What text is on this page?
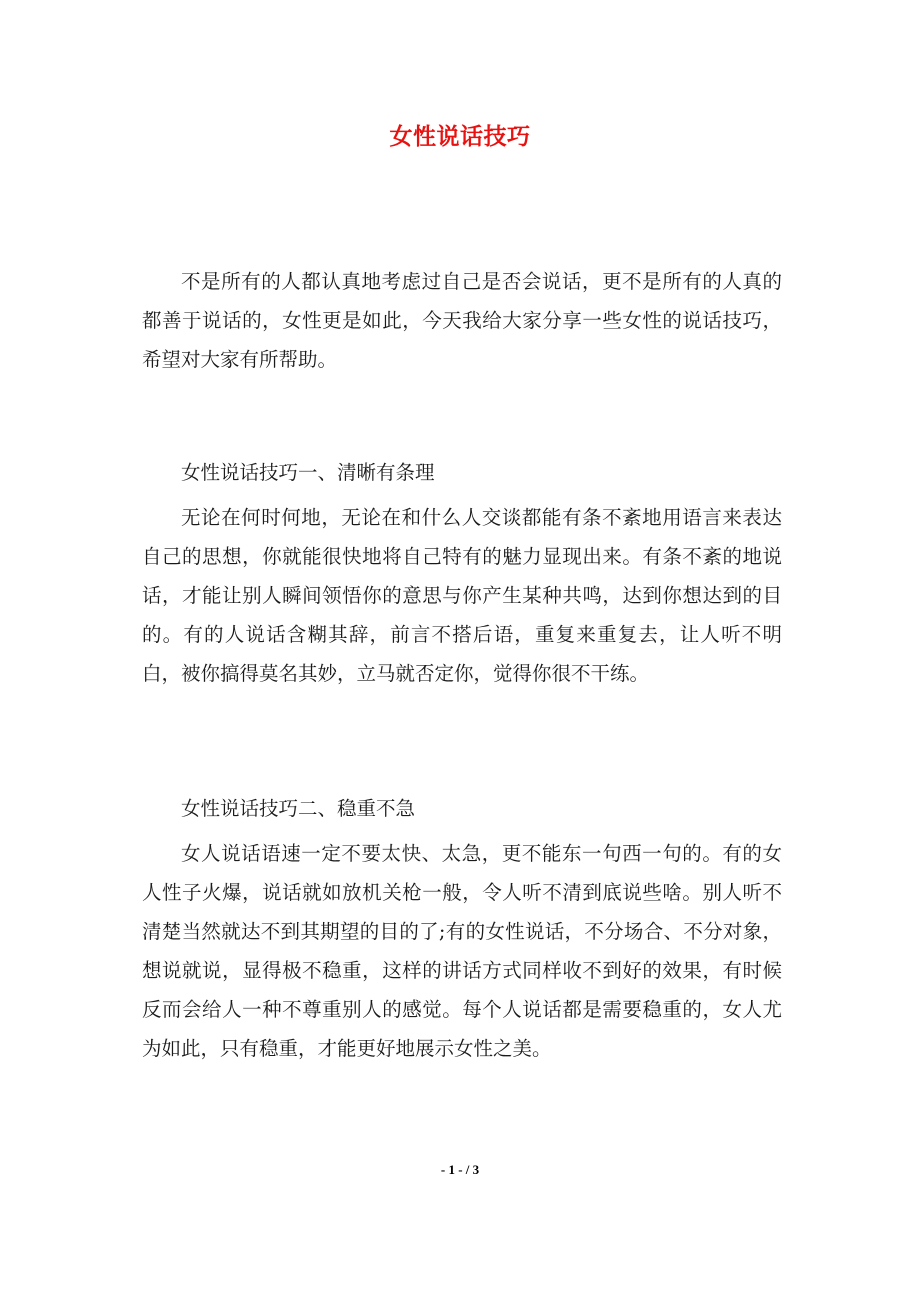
女性说话技巧

不是所有的人都认真地考虑过自己是否会说话，更不是所有的人真的都善于说话的，女性更是如此，今天我给大家分享一些女性的说话技巧，希望对大家有所帮助。

女性说话技巧一、清晰有条理

无论在何时何地，无论在和什么人交谈都能有条不紊地用语言来表达自己的思想，你就能很快地将自己特有的魅力显现出来。有条不紊的地说话，才能让别人瞬间领悟你的意思与你产生某种共鸣，达到你想达到的目的。有的人说话含糊其辞，前言不搭后语，重复来重复去，让人听不明白，被你搞得莫名其妙，立马就否定你，觉得你很不干练。

女性说话技巧二、稳重不急

女人说话语速一定不要太快、太急，更不能东一句西一句的。有的女人性子火爆，说话就如放机关枪一般，令人听不清到底说些啥。别人听不清楚当然就达不到其期望的目的了;有的女性说话，不分场合、不分对象，想说就说，显得极不稳重，这样的讲话方式同样收不到好的效果，有时候反而会给人一种不尊重别人的感觉。每个人说话都是需要稳重的，女人尤为如此，只有稳重，才能更好地展示女性之美。

- 1 - / 3
